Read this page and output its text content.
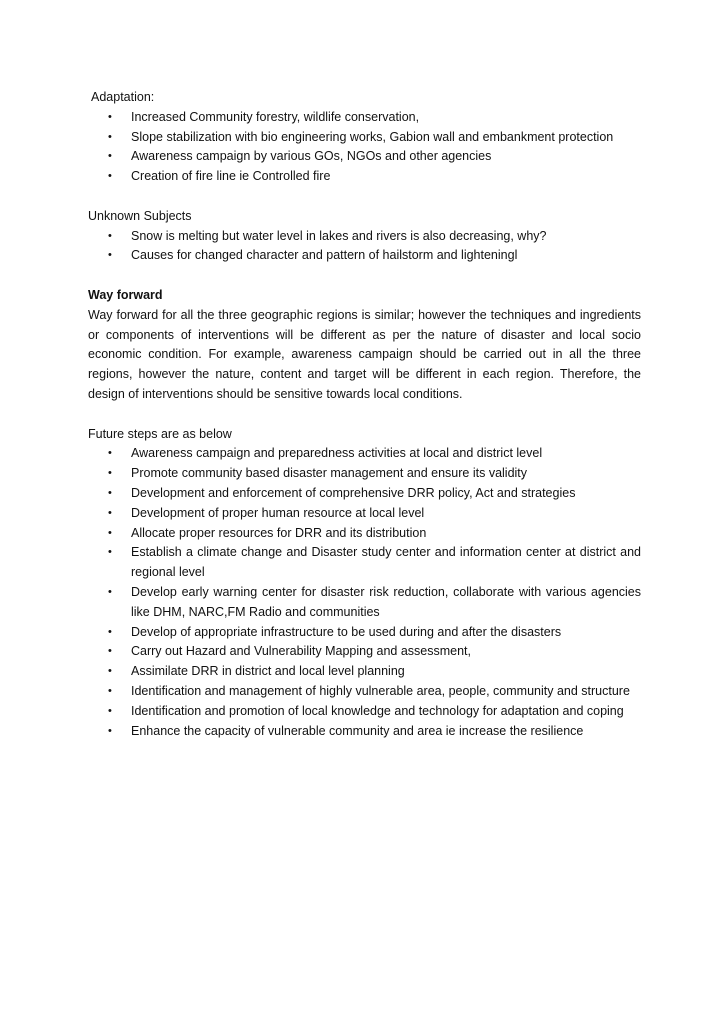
Adaptation:
• Increased Community forestry, wildlife conservation,
• Slope stabilization with bio engineering works, Gabion wall and embankment protection
• Awareness campaign by various GOs, NGOs and other agencies
• Creation of fire line ie Controlled fire
Unknown Subjects
• Snow is melting but water level in lakes and rivers is also decreasing, why?
• Causes for changed character and pattern of hailstorm and lighteningl
Way forward

Way forward for all the three geographic regions is similar; however the techniques and ingredients or components of interventions will be different as per the nature of disaster and local socio economic condition. For example, awareness campaign should be carried out in all the three regions, however the nature, content and target will be different in each region. Therefore, the design of interventions should be sensitive towards local conditions.

Future steps are as below
• Awareness campaign and preparedness activities at local and district level
• Promote community based disaster management and ensure its validity
• Development and enforcement of comprehensive DRR policy, Act and strategies
• Development of proper human resource at local level
• Allocate proper resources for DRR and its distribution
• Establish a climate change and Disaster study center and information center at district and regional level
• Develop early warning center for disaster risk reduction, collaborate with various agencies like DHM, NARC,FM Radio and communities
• Develop of appropriate infrastructure to be used during and after the disasters
• Carry out Hazard and Vulnerability Mapping and assessment,
• Assimilate DRR in district and local level planning
• Identification and management of highly vulnerable area, people, community and structure
• Identification and promotion of local knowledge and technology for adaptation and coping
• Enhance the capacity of vulnerable community and area ie increase the resilience
